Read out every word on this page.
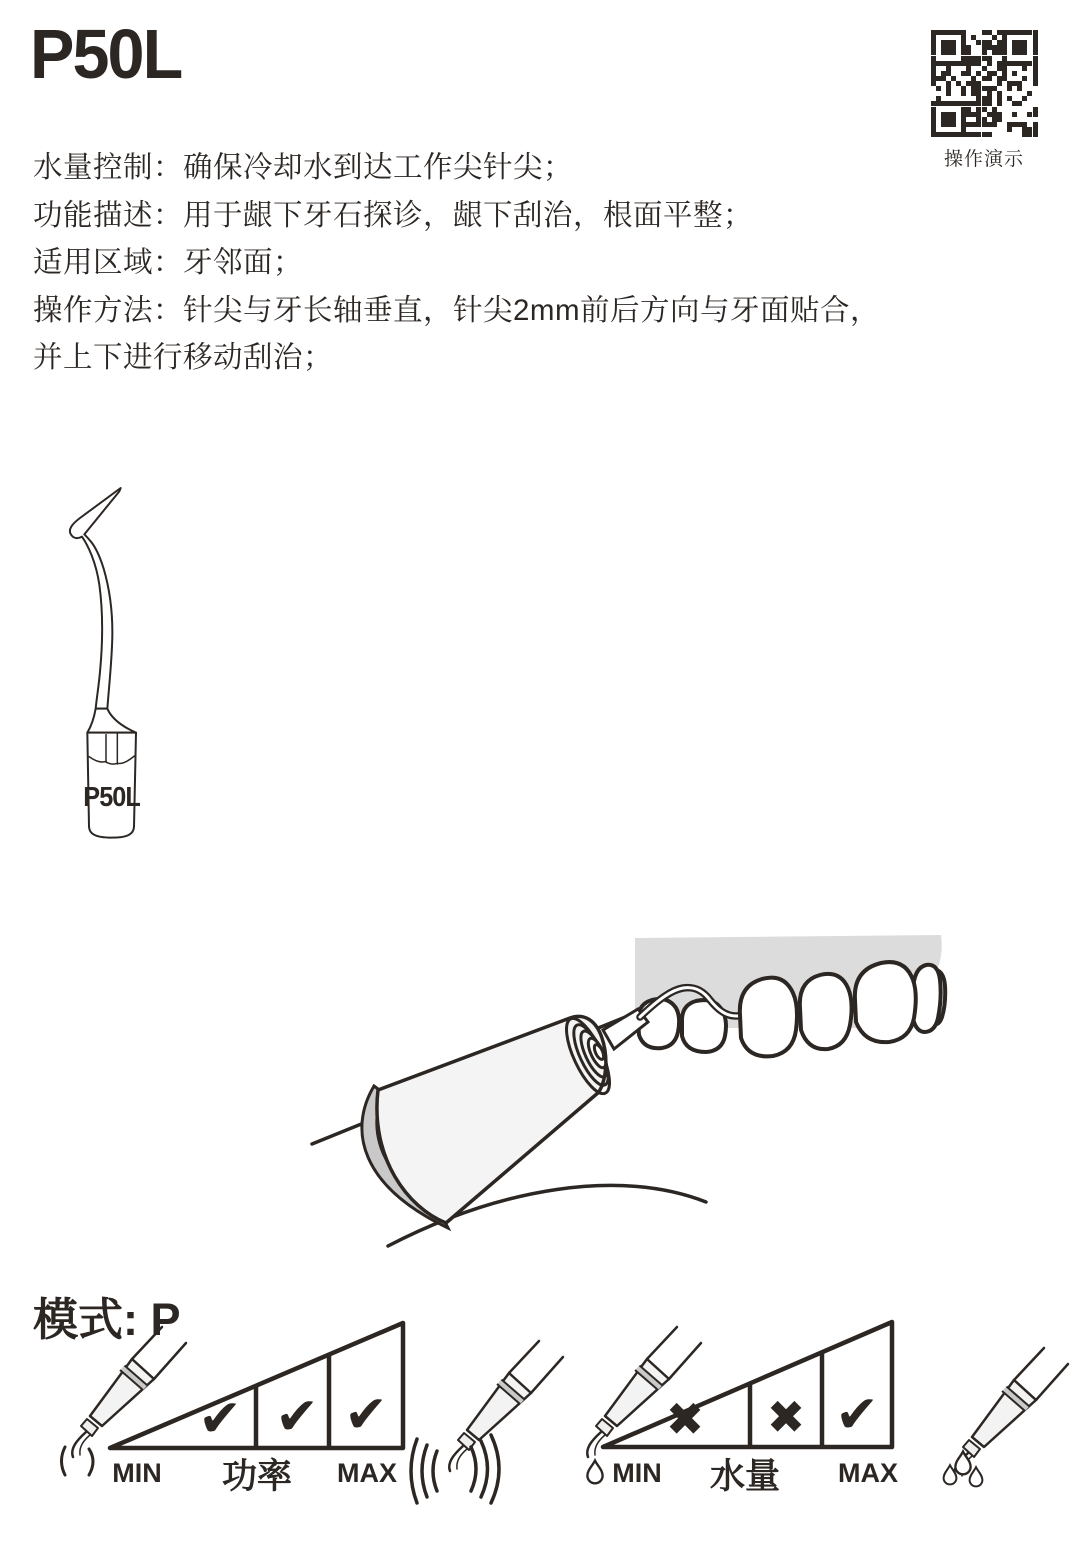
P50L
操作演示
水量控制：确保冷却水到达工作尖针尖；
功能描述：用于龈下牙石探诊，龈下刮治，根面平整；
适用区域：牙邻面；
操作方法：针尖与牙长轴垂直，针尖2mm前后方向与牙面贴合，
并上下进行移动刮治；
P50L
模式: P
✔ ✔ ✔
MIN 功率 MAX
✖ ✖ ✔
MIN 水量 MAX
